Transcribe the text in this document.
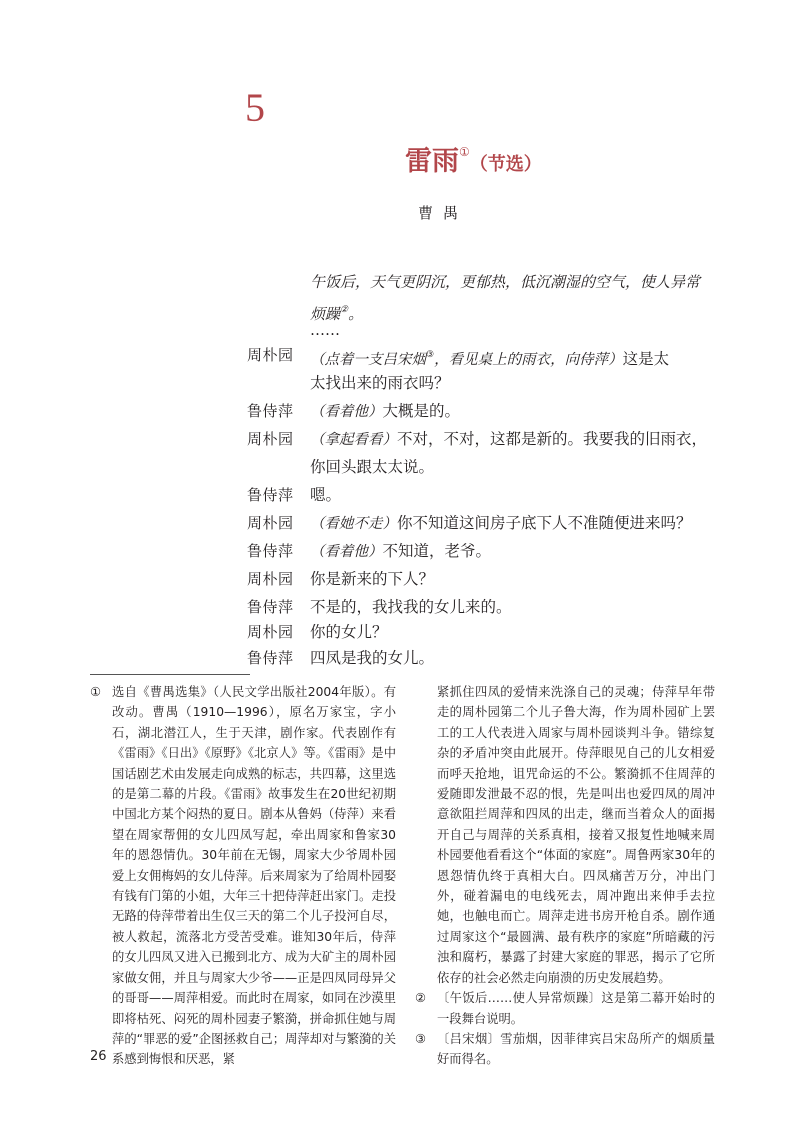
5
雷雨①（节选）
曹禺
午饭后，天气更阴沉，更郁热，低沉潮湿的空气，使人异常烦躁②。
……
周朴园	（点着一支吕宋烟③，看见桌上的雨衣，向侍萍）这是太
太找出来的雨衣吗？
鲁侍萍	（看着他）大概是的。
周朴园	（拿起看看）不对，不对，这都是新的。我要我的旧雨衣，
你回头跟太太说。
鲁侍萍	嗯。
周朴园	（看她不走）你不知道这间房子底下人不准随便进来吗？
鲁侍萍	（看着他）不知道，老爷。
周朴园	你是新来的下人？
鲁侍萍	不是的，我找我的女儿来的。
周朴园	你的女儿？
鲁侍萍	四凤是我的女儿。

① 选自《曹禺选集》（人民文学出版社2004年版）。有改动。曹禺（1910—1996），原名万家宝，字小石，湖北潜江人，生于天津，剧作家。代表剧作有《雷雨》《日出》《原野》《北京人》等。《雷雨》是中国话剧艺术由发展走向成熟的标志，共四幕，这里选的是第二幕的片段。《雷雨》故事发生在20世纪初期中国北方某个闷热的夏日。剧本从鲁妈（侍萍）来看望在周家帮佣的女儿四凤写起，牵出周家和鲁家30年的恩怨情仇。30年前在无锡，周家大少爷周朴园爱上女佣梅妈的女儿侍萍。后来周家为了给周朴园娶有钱有门第的小姐，大年三十把侍萍赶出家门。走投无路的侍萍带着出生仅三天的第二个儿子投河自尽，被人救起，流落北方受苦受难。谁知30年后，侍萍的女儿四凤又进入已搬到北方、成为大矿主的周朴园家做女佣，并且与周家大少爷——正是四凤同母异父的哥哥——周萍相爱。而此时在周家，如同在沙漠里即将枯死、闷死的周朴园妻子繁漪，拼命抓住她与周萍的“罪恶的爱”企图拯救自己；周萍却对与繁漪的关系感到悔恨和厌恶，紧

紧抓住四凤的爱情来洗涤自己的灵魂；侍萍早年带走的周朴园第二个儿子鲁大海，作为周朴园矿上罢工的工人代表进入周家与周朴园谈判斗争。错综复杂的矛盾冲突由此展开。侍萍眼见自己的儿女相爱而呼天抢地，诅咒命运的不公。繁漪抓不住周萍的爱随即发泄最不忍的恨，先是叫出也爱四凤的周冲意欲阻拦周萍和四凤的出走，继而当着众人的面揭开自己与周萍的关系真相，接着又报复性地喊来周朴园要他看看这个“体面的家庭”。周鲁两家30年的恩怨情仇终于真相大白。四凤痛苦万分，冲出门外，碰着漏电的电线死去，周冲跑出来伸手去拉她，也触电而亡。周萍走进书房开枪自杀。剧作通过周家这个“最圆满、最有秩序的家庭”所暗藏的污浊和腐朽，暴露了封建大家庭的罪恶，揭示了它所依存的社会必然走向崩溃的历史发展趋势。

② 〔午饭后……使人异常烦躁〕这是第二幕开始时的一段舞台说明。

③ 〔吕宋烟〕雪茄烟，因菲律宾吕宋岛所产的烟质量好而得名。

26
